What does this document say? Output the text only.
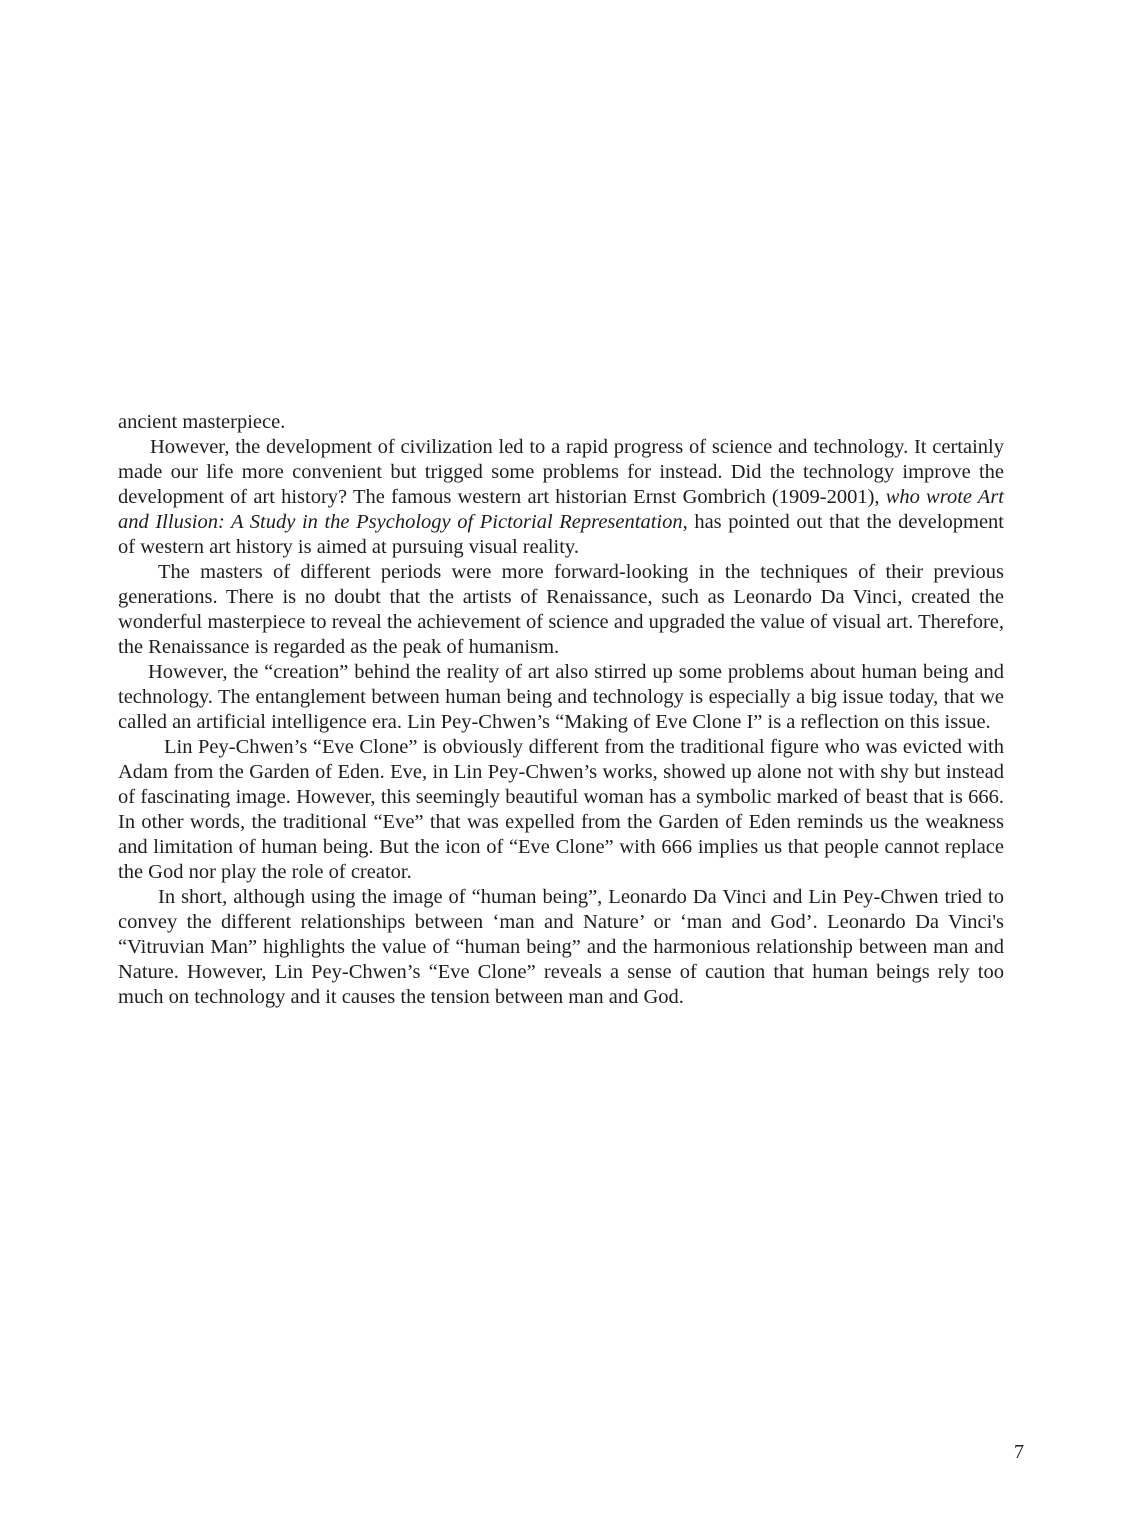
ancient masterpiece.

However, the development of civilization led to a rapid progress of science and technology. It certainly made our life more convenient but trigged some problems for instead. Did the technology improve the development of art history? The famous western art historian Ernst Gombrich (1909-2001), who wrote Art and Illusion: A Study in the Psychology of Pictorial Representation, has pointed out that the development of western art history is aimed at pursuing visual reality.

The masters of different periods were more forward-looking in the techniques of their previous generations. There is no doubt that the artists of Renaissance, such as Leonardo Da Vinci, created the wonderful masterpiece to reveal the achievement of science and upgraded the value of visual art. Therefore, the Renaissance is regarded as the peak of humanism.

However, the “creation” behind the reality of art also stirred up some problems about human being and technology. The entanglement between human being and technology is especially a big issue today, that we called an artificial intelligence era. Lin Pey-Chwen’s “Making of Eve Clone I” is a reflection on this issue.

Lin Pey-Chwen’s “Eve Clone” is obviously different from the traditional figure who was evicted with Adam from the Garden of Eden. Eve, in Lin Pey-Chwen’s works, showed up alone not with shy but instead of fascinating image. However, this seemingly beautiful woman has a symbolic marked of beast that is 666. In other words, the traditional “Eve” that was expelled from the Garden of Eden reminds us the weakness and limitation of human being. But the icon of “Eve Clone” with 666 implies us that people cannot replace the God nor play the role of creator.

In short, although using the image of “human being”, Leonardo Da Vinci and Lin Pey-Chwen tried to convey the different relationships between ‘man and Nature’ or ‘man and God’. Leonardo Da Vinci's “Vitruvian Man” highlights the value of “human being” and the harmonious relationship between man and Nature. However, Lin Pey-Chwen’s “Eve Clone” reveals a sense of caution that human beings rely too much on technology and it causes the tension between man and God.

7
